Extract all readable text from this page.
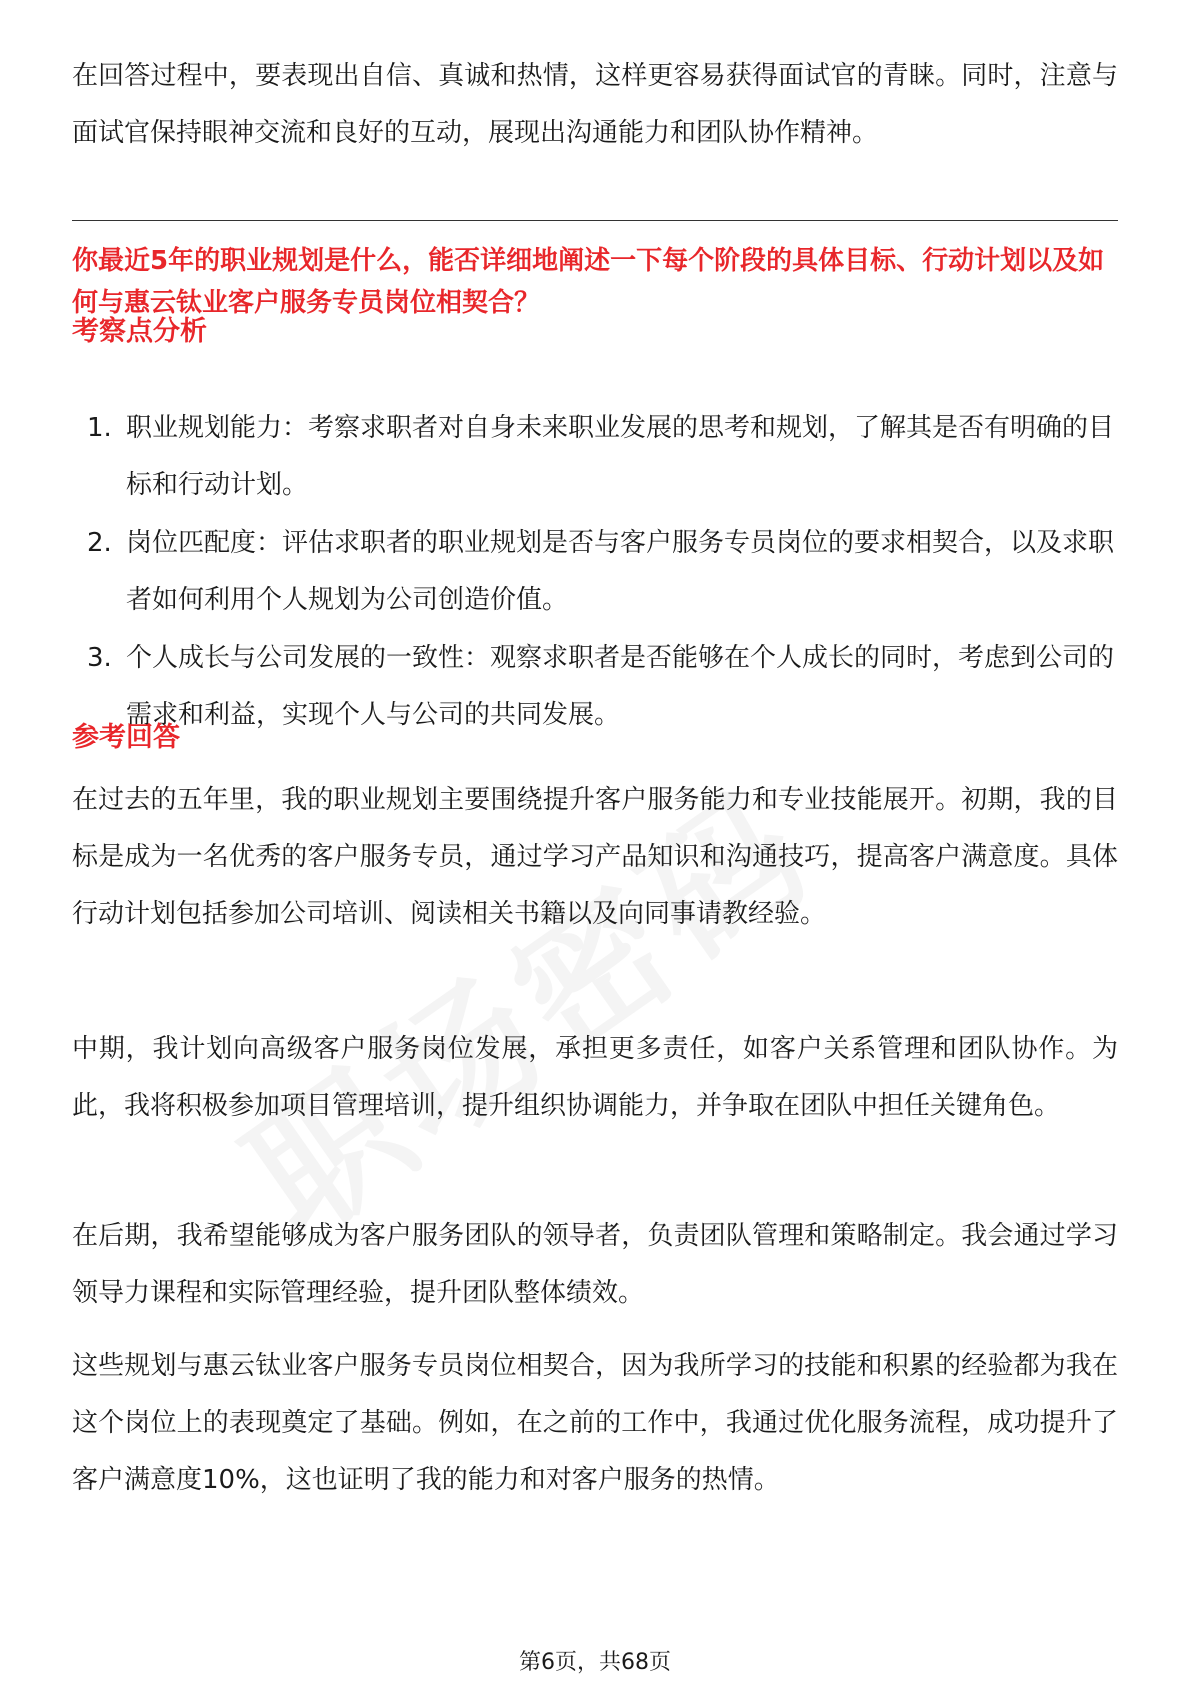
在回答过程中，要表现出自信、真诚和热情，这样更容易获得面试官的青睐。同时，注意与面试官保持眼神交流和良好的互动，展现出沟通能力和团队协作精神。

你最近5年的职业规划是什么，能否详细地阐述一下每个阶段的具体目标、行动计划以及如何与惠云钛业客户服务专员岗位相契合？

考察点分析
1. 职业规划能力：考察求职者对自身未来职业发展的思考和规划，了解其是否有明确的目标和行动计划。
2. 岗位匹配度：评估求职者的职业规划是否与客户服务专员岗位的要求相契合，以及求职者如何利用个人规划为公司创造价值。
3. 个人成长与公司发展的一致性：观察求职者是否能够在个人成长的同时，考虑到公司的需求和利益，实现个人与公司的共同发展。
参考回答

在过去的五年里，我的职业规划主要围绕提升客户服务能力和专业技能展开。初期，我的目标是成为一名优秀的客户服务专员，通过学习产品知识和沟通技巧，提高客户满意度。具体行动计划包括参加公司培训、阅读相关书籍以及向同事请教经验。

中期，我计划向高级客户服务岗位发展，承担更多责任，如客户关系管理和团队协作。为此，我将积极参加项目管理培训，提升组织协调能力，并争取在团队中担任关键角色。

在后期，我希望能够成为客户服务团队的领导者，负责团队管理和策略制定。我会通过学习领导力课程和实际管理经验，提升团队整体绩效。

这些规划与惠云钛业客户服务专员岗位相契合，因为我所学习的技能和积累的经验都为我在这个岗位上的表现奠定了基础。例如，在之前的工作中，我通过优化服务流程，成功提升了客户满意度10%，这也证明了我的能力和对客户服务的热情。

第6页，共68页
